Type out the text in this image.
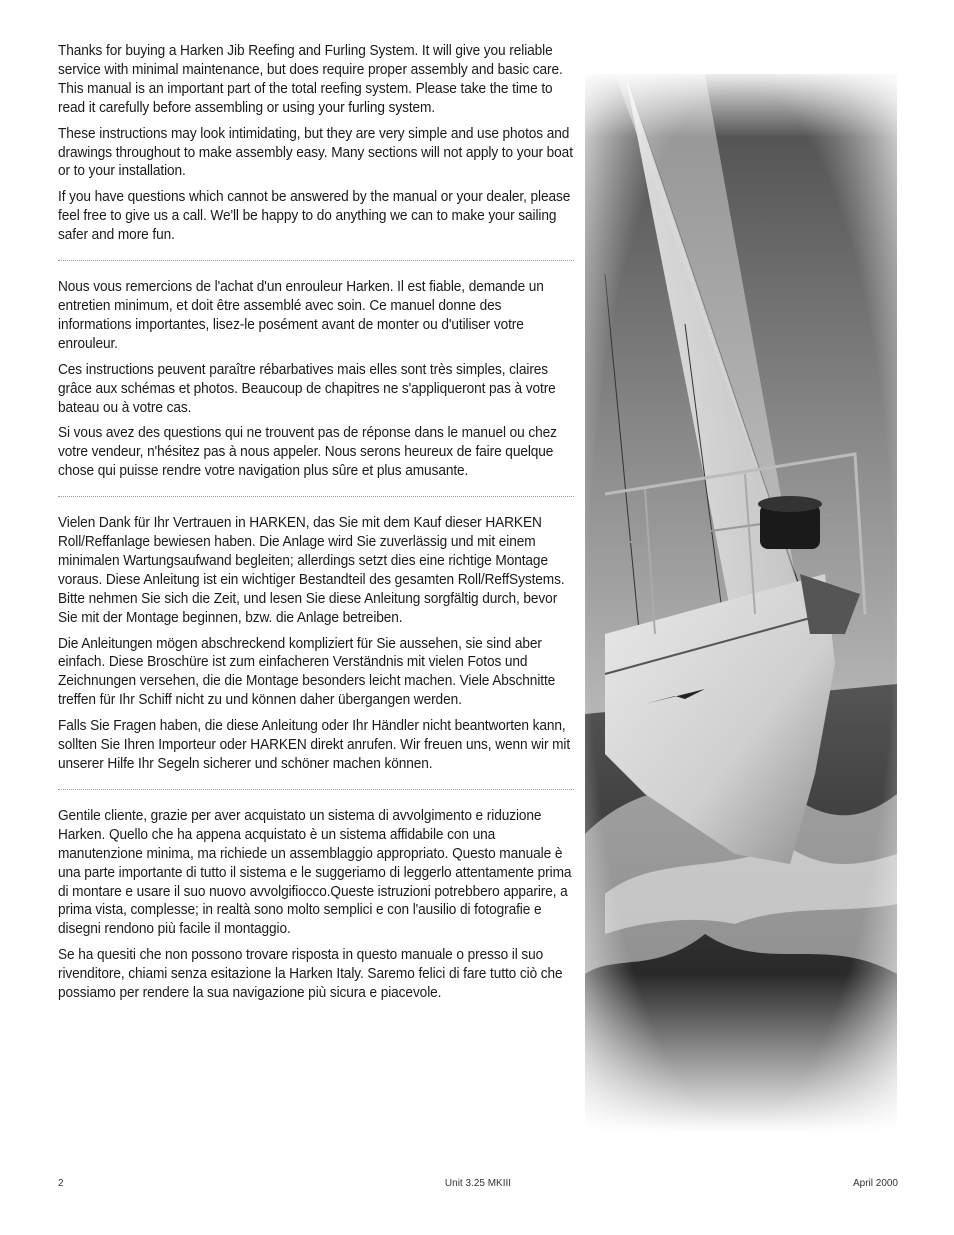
Thanks for buying a Harken Jib Reefing and Furling System. It will give you reliable service with minimal maintenance, but does require proper assembly and basic care. This manual is an important part of the total reefing system. Please take the time to read it carefully before assembling or using your furling system.

These instructions may look intimidating, but they are very simple and use photos and drawings throughout to make assembly easy. Many sections will not apply to your boat or to your installation.

If you have questions which cannot be answered by the manual or your dealer, please feel free to give us a call. We'll be happy to do anything we can to make your sailing safer and more fun.

Nous vous remercions de l'achat d'un enrouleur Harken. Il est fiable, demande un entretien minimum, et doit être assemblé avec soin. Ce manuel donne des informations importantes, lisez-le posément avant de monter ou d'utiliser votre enrouleur.

Ces instructions peuvent paraître rébarbatives mais elles sont très simples, claires grâce aux schémas et photos. Beaucoup de chapitres ne s'appliqueront pas à votre bateau ou à votre cas.

Si vous avez des questions qui ne trouvent pas de réponse dans le manuel ou chez votre vendeur, n'hésitez pas à nous appeler. Nous serons heureux de faire quelque chose qui puisse rendre votre navigation plus sûre et plus amusante.

Vielen Dank für Ihr Vertrauen in HARKEN, das Sie mit dem Kauf dieser HARKEN Roll/Reffanlage bewiesen haben. Die Anlage wird Sie zuverlässig und mit einem minimalen Wartungsaufwand begleiten; allerdings setzt dies eine richtige Montage voraus. Diese Anleitung ist ein wichtiger Bestandteil des gesamten Roll/ReffSystems. Bitte nehmen Sie sich die Zeit, und lesen Sie diese Anleitung sorgfältig durch, bevor Sie mit der Montage beginnen, bzw. die Anlage betreiben.

Die Anleitungen mögen abschreckend kompliziert für Sie aussehen, sie sind aber einfach. Diese Broschüre ist zum einfacheren Verständnis mit vielen Fotos und Zeichnungen versehen, die die Montage besonders leicht machen. Viele Abschnitte treffen für Ihr Schiff nicht zu und können daher übergangen werden.

Falls Sie Fragen haben, die diese Anleitung oder Ihr Händler nicht beantworten kann, sollten Sie Ihren Importeur oder HARKEN direkt anrufen. Wir freuen uns, wenn wir mit unserer Hilfe Ihr Segeln sicherer und schöner machen können.

Gentile cliente, grazie per aver acquistato un sistema di avvolgimento e riduzione Harken. Quello che ha appena acquistato è un sistema affidabile con una manutenzione minima, ma richiede un assemblaggio appropriato. Questo manuale è una parte importante di tutto il sistema e le suggeriamo di leggerlo attentamente prima di montare e usare il suo nuovo avvolgifiocco.Queste istruzioni potrebbero apparire, a prima vista, complesse; in realtà sono molto semplici e con l'ausilio di fotografie e disegni rendono più facile il montaggio.

Se ha quesiti che non possono trovare risposta in questo manuale o presso il suo rivenditore, chiami senza esitazione la Harken Italy. Saremo felici di fare tutto ciò che possiamo per rendere la sua navigazione più sicura e piacevole.

2	Unit 3.25 MKIII	April 2000
